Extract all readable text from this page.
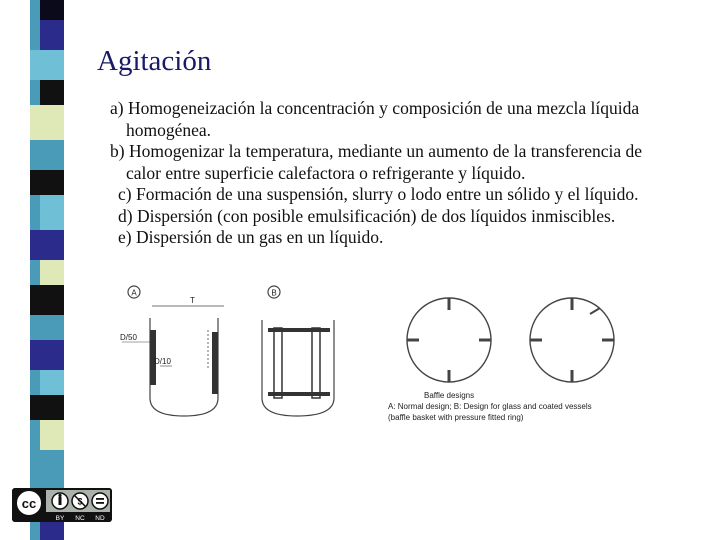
Agitación
a) Homogeneización la concentración y composición de una mezcla líquida
homogénea.
b) Homogenizar la temperatura, mediante un aumento de la transferencia de
calor entre superficie calefactora o refrigerante y líquido.
c) Formación de una suspensión, slurry o lodo entre un sólido y el líquido.
d) Dispersión (con posible emulsificación) de dos líquidos inmiscibles.
e) Dispersión de un gas en un líquido.
A	B
T
D/50
D/10
Baffle designs
A: Normal design; B: Design for glass and coated vessels
(baffle basket with pressure fitted ring)
cc	$
BY NC ND
